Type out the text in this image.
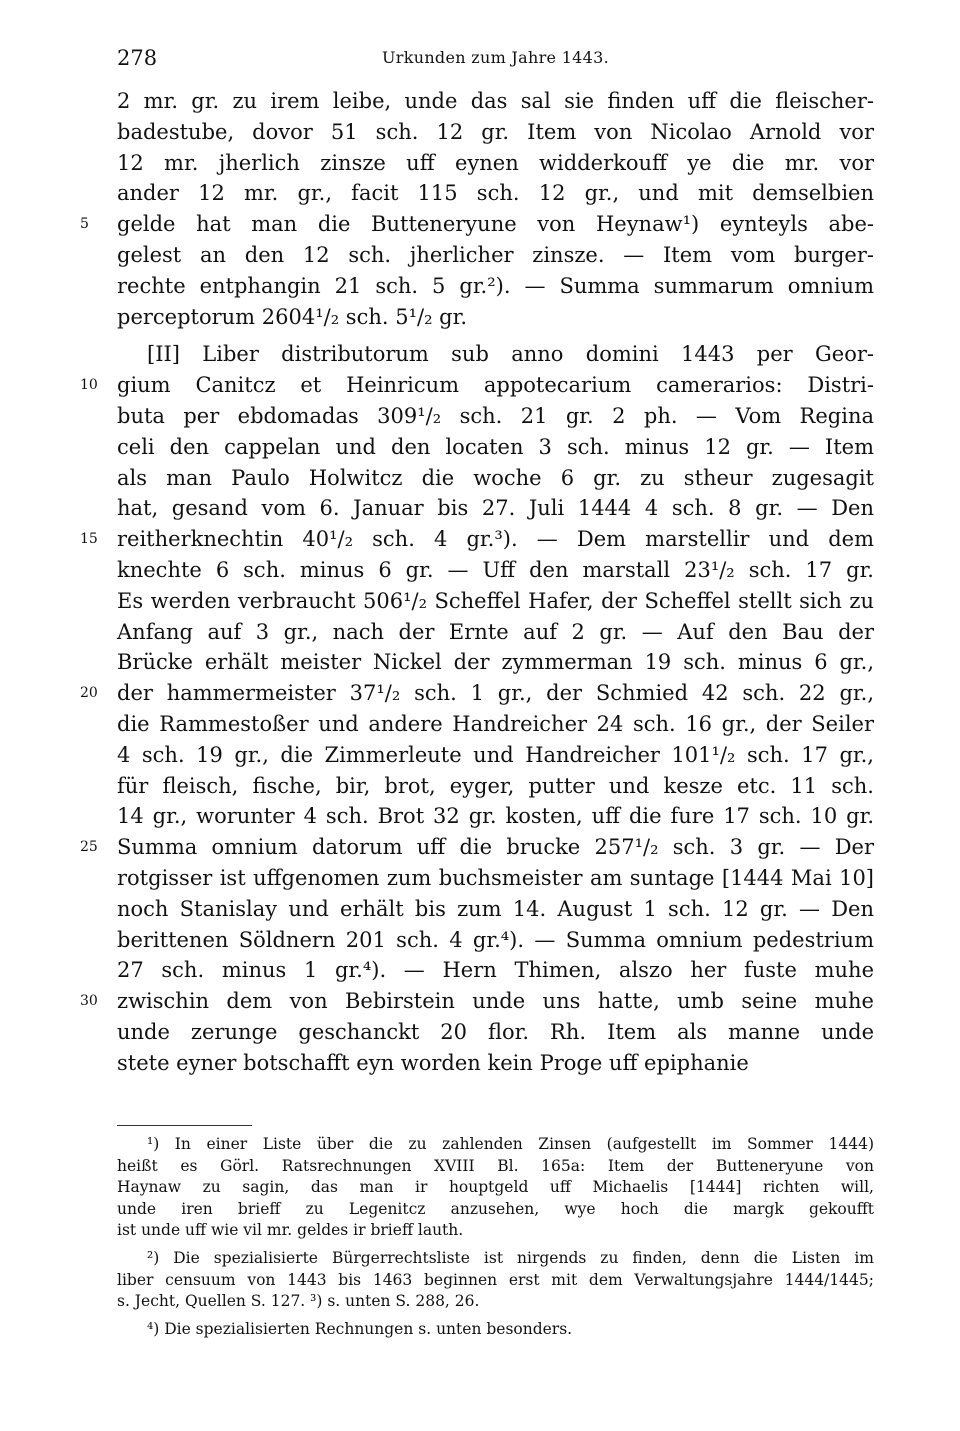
278	Urkunden zum Jahre 1443.
2 mr. gr. zu irem leibe, unde das sal sie finden uff die fleischer-
badestube, dovor 51 sch. 12 gr. Item von Nicolao Arnold vor
12 mr. jherlich zinsze uff eynen widderkouff ye die mr. vor
ander 12 mr. gr., facit 115 sch. 12 gr., und mit demselbien
5	gelde hat man die Butteneryune von Heynaw¹) eynteyls abe-
gelest an den 12 sch. jherlicher zinsze. — Item vom burger-
rechte entphangin 21 sch. 5 gr.²). — Summa summarum omnium
perceptorum 2604¹/₂ sch. 5¹/₂ gr.
[II] Liber distributorum sub anno domini 1443 per Geor-
10 gium Canitcz et Heinricum appotecarium camerarios: Distri-
buta per ebdomadas 309¹/₂ sch. 21 gr. 2 ph. — Vom Regina
celi den cappelan und den locaten 3 sch. minus 12 gr. — Item
als man Paulo Holwitcz die woche 6 gr. zu stheur zugesagit
hat, gesand vom 6. Januar bis 27. Juli 1444 4 sch. 8 gr. — Den
15 reitherknechtin 40¹/₂ sch. 4 gr.³). — Dem marstellir und dem
knechte 6 sch. minus 6 gr. — Uff den marstall 23¹/₂ sch. 17 gr.
Es werden verbraucht 506¹/₂ Scheffel Hafer, der Scheffel stellt sich zu
Anfang auf 3 gr., nach der Ernte auf 2 gr. — Auf den Bau der
Brücke erhält meister Nickel der zymmerman 19 sch. minus 6 gr.,
20 der hammermeister 37¹/₂ sch. 1 gr., der Schmied 42 sch. 22 gr.,
die Rammestoßer und andere Handreicher 24 sch. 16 gr., der Seiler
4 sch. 19 gr., die Zimmerleute und Handreicher 101¹/₂ sch. 17 gr.,
für fleisch, fische, bir, brot, eyger, putter und kesze etc. 11 sch.
14 gr., worunter 4 sch. Brot 32 gr. kosten, uff die fure 17 sch. 10 gr.
25 Summa omnium datorum uff die brucke 257¹/₂ sch. 3 gr. — Der
rotgisser ist uffgenomen zum buchsmeister am suntage [1444 Mai 10]
noch Stanislay und erhält bis zum 14. August 1 sch. 12 gr. — Den
berittenen Söldnern 201 sch. 4 gr.⁴). — Summa omnium pedestrium
27 sch. minus 1 gr.⁴). — Hern Thimen, alszo her fuste muhe
30 zwischin dem von Bebirstein unde uns hatte, umb seine muhe
unde zerunge geschanckt 20 flor. Rh. Item als manne unde
stete eyner botschafft eyn worden kein Proge uff epiphanie
¹) In einer Liste über die zu zahlenden Zinsen (aufgestellt im Sommer 1444)
heißt es Görl. Ratsrechnungen XVIII Bl. 165a: Item der Butteneryune von
Haynaw zu sagin, das man ir houptgeld uff Michaelis [1444] richten will,
unde iren brieff zu Legenitcz anzusehen, wye hoch die margk gekoufft
ist unde uff wie vil mr. geldes ir brieff lauth.
²) Die spezialisierte Bürgerrechtsliste ist nirgends zu finden, denn die Listen im
liber censuum von 1443 bis 1463 beginnen erst mit dem Verwaltungsjahre 1444/1445;
s. Jecht, Quellen S. 127. ³) s. unten S. 288, 26.
⁴) Die spezialisierten Rechnungen s. unten besonders.
